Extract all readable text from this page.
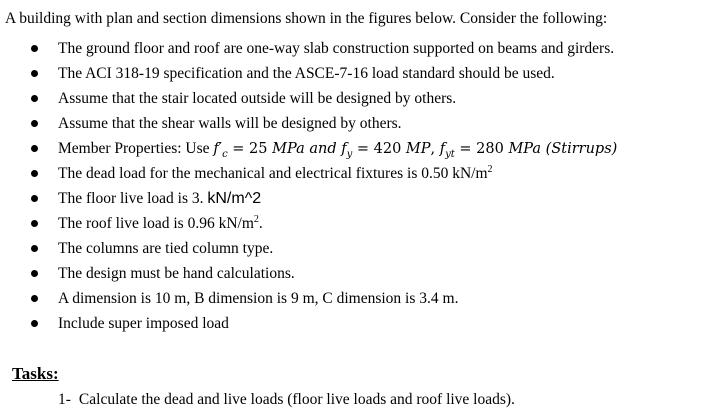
A building with plan and section dimensions shown in the figures below. Consider the following:
The ground floor and roof are one-way slab construction supported on beams and girders.
The ACI 318-19 specification and the ASCE-7-16 load standard should be used.
Assume that the stair located outside will be designed by others.
Assume that the shear walls will be designed by others.
Member Properties: Use $f'_c = 25$ MPa and $f_y = 420$ MP, $f_{yt} = 280$ MPa (Stirrups)
The dead load for the mechanical and electrical fixtures is 0.50 $kN/m^2$
The floor live load is 3. kN/m^2
The roof live load is 0.96 $kN/m^2$.
The columns are tied column type.
The design must be hand calculations.
A dimension is 10 m, B dimension is 9 m, C dimension is 3.4 m.
Include super imposed load
Tasks:
1- Calculate the dead and live loads (floor live loads and roof live loads).
